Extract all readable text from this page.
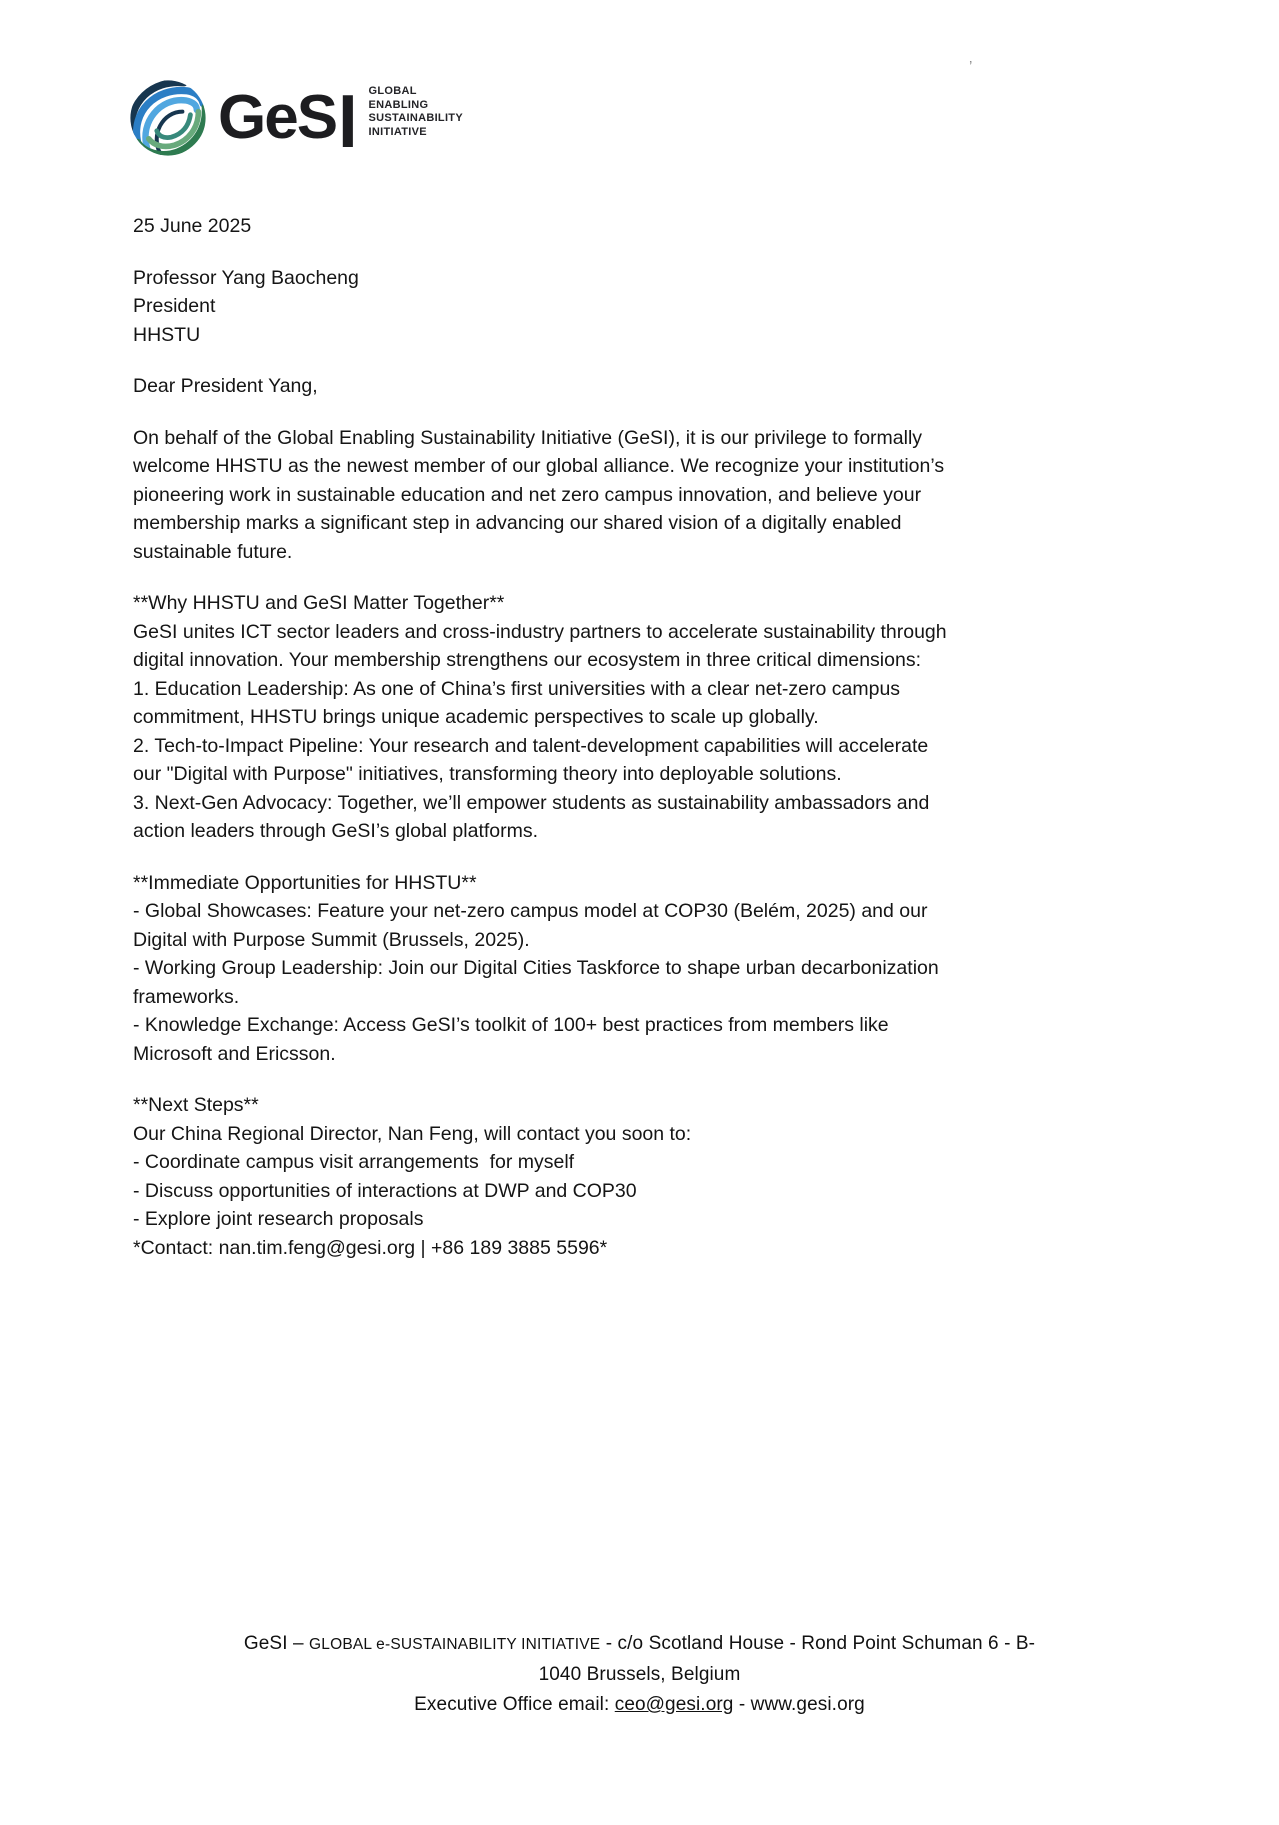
’
GeS I GLOBAL
ENABLING
SUSTAINABILITY
INITIATIVE
25 June 2025
Professor Yang Baocheng
President
HHSTU
Dear President Yang,
On behalf of the Global Enabling Sustainability Initiative (GeSI), it is our privilege to formally
welcome HHSTU as the newest member of our global alliance. We recognize your institution’s
pioneering work in sustainable education and net zero campus innovation, and believe your
membership marks a significant step in advancing our shared vision of a digitally enabled
sustainable future.
**Why HHSTU and GeSI Matter Together**
GeSI unites ICT sector leaders and cross-industry partners to accelerate sustainability through
digital innovation. Your membership strengthens our ecosystem in three critical dimensions:
1. Education Leadership: As one of China’s first universities with a clear net-zero campus
commitment, HHSTU brings unique academic perspectives to scale up globally.
2. Tech-to-Impact Pipeline: Your research and talent-development capabilities will accelerate
our "Digital with Purpose" initiatives, transforming theory into deployable solutions.
3. Next-Gen Advocacy: Together, we’ll empower students as sustainability ambassadors and
action leaders through GeSI’s global platforms.
**Immediate Opportunities for HHSTU**
- Global Showcases: Feature your net-zero campus model at COP30 (Belém, 2025) and our
Digital with Purpose Summit (Brussels, 2025).
- Working Group Leadership: Join our Digital Cities Taskforce to shape urban decarbonization
frameworks.
- Knowledge Exchange: Access GeSI’s toolkit of 100+ best practices from members like
Microsoft and Ericsson.
**Next Steps**
Our China Regional Director, Nan Feng, will contact you soon to:
- Coordinate campus visit arrangements  for myself
- Discuss opportunities of interactions at DWP and COP30
- Explore joint research proposals
*Contact: nan.tim.feng@gesi.org | +86 189 3885 5596*
GeSI – GLOBAL e-SUSTAINABILITY INITIATIVE - c/o Scotland House - Rond Point Schuman 6 - B-
1040 Brussels, Belgium
Executive Office email: ceo@gesi.org - www.gesi.org
